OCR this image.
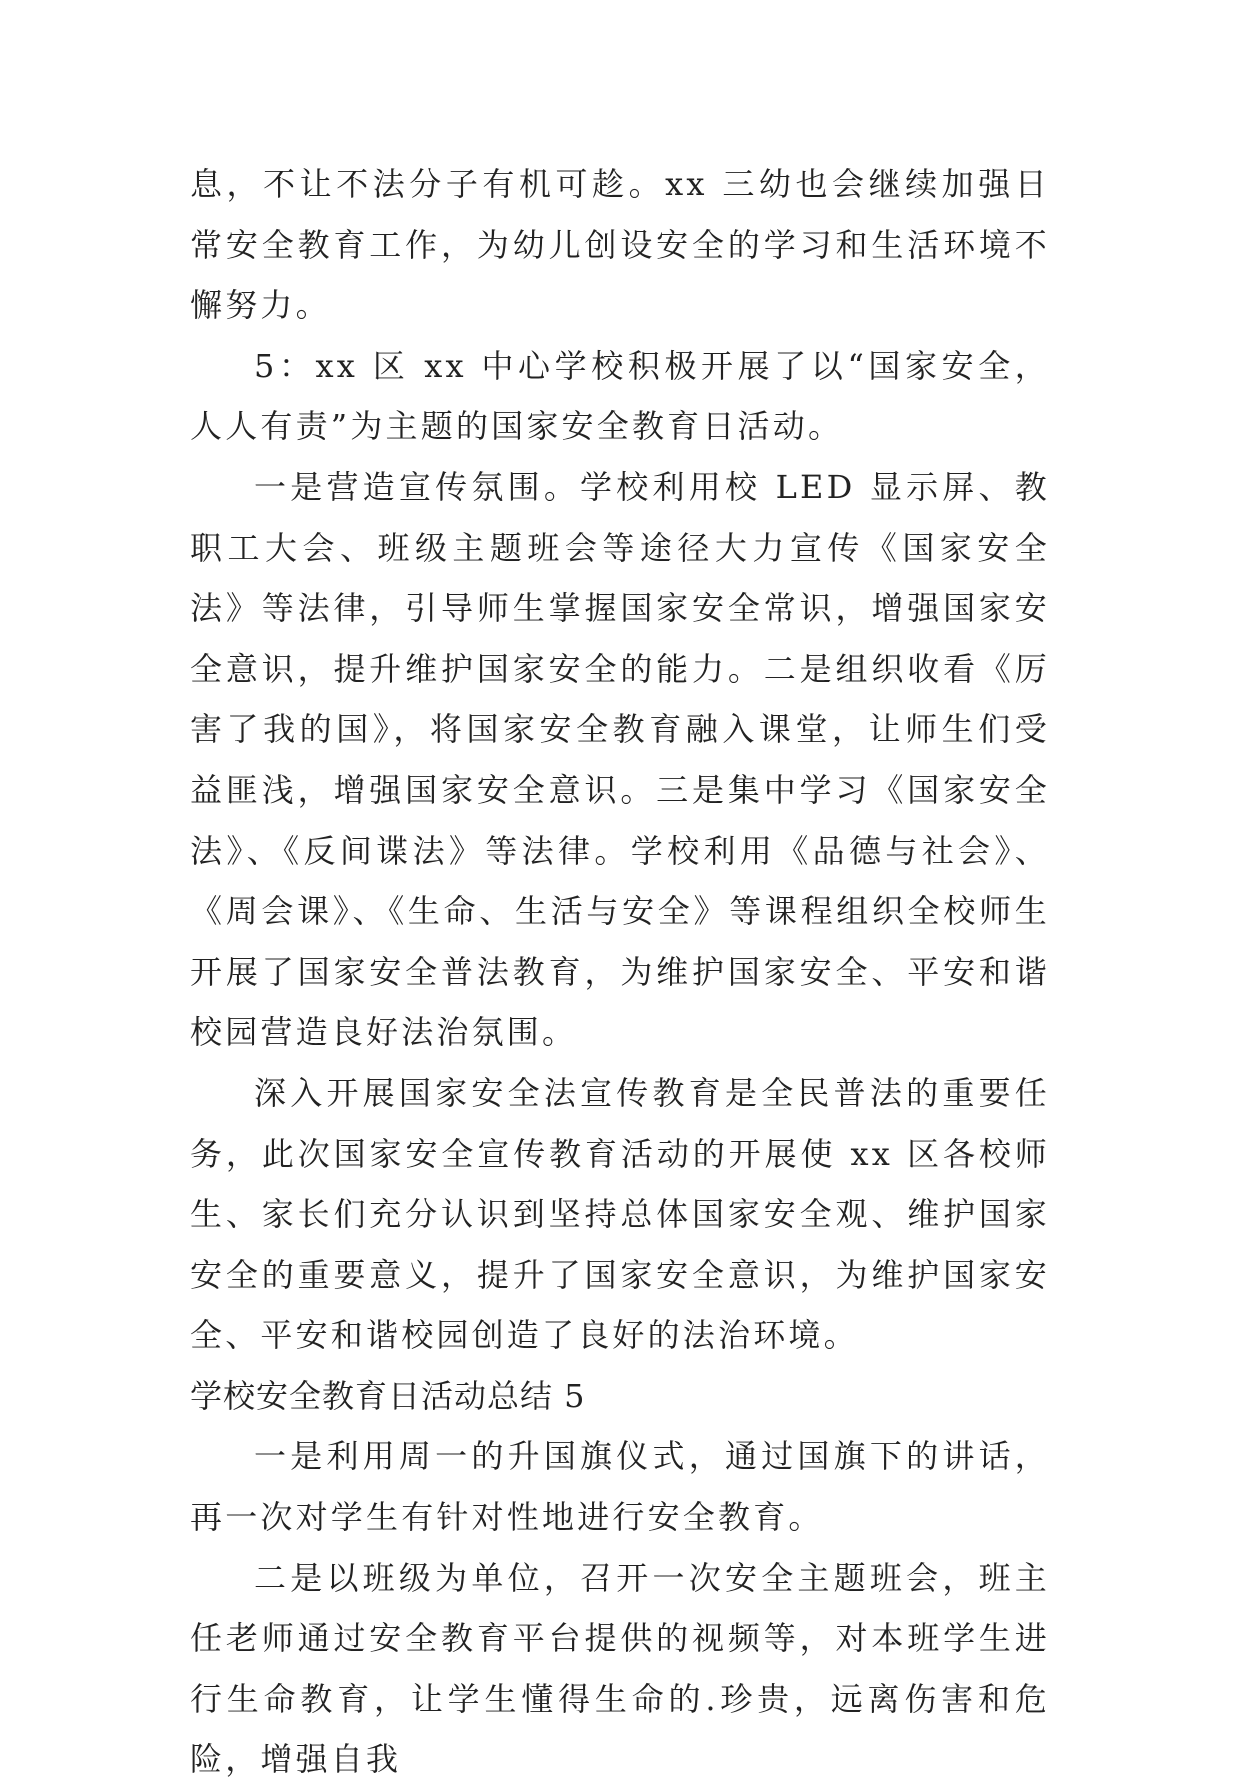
息，不让不法分子有机可趁。xx 三幼也会继续加强日常安全教育工作，为幼儿创设安全的学习和生活环境不懈努力。

5：xx 区 xx 中心学校积极开展了以“国家安全，人人有责”为主题的国家安全教育日活动。

一是营造宣传氛围。学校利用校 LED 显示屏、教职工大会、班级主题班会等途径大力宣传《国家安全法》等法律，引导师生掌握国家安全常识，增强国家安全意识，提升维护国家安全的能力。二是组织收看《厉害了我的国》，将国家安全教育融入课堂，让师生们受益匪浅，增强国家安全意识。三是集中学习《国家安全法》、《反间谍法》等法律。学校利用《品德与社会》、《周会课》、《生命、生活与安全》等课程组织全校师生开展了国家安全普法教育，为维护国家安全、平安和谐校园营造良好法治氛围。

深入开展国家安全法宣传教育是全民普法的重要任务，此次国家安全宣传教育活动的开展使 xx 区各校师生、家长们充分认识到坚持总体国家安全观、维护国家安全的重要意义，提升了国家安全意识，为维护国家安全、平安和谐校园创造了良好的法治环境。

学校安全教育日活动总结 5

一是利用周一的升国旗仪式，通过国旗下的讲话，再一次对学生有针对性地进行安全教育。

二是以班级为单位，召开一次安全主题班会，班主任老师通过安全教育平台提供的视频等，对本班学生进行生命教育，让学生懂得生命的.珍贵，远离伤害和危险，增强自我
